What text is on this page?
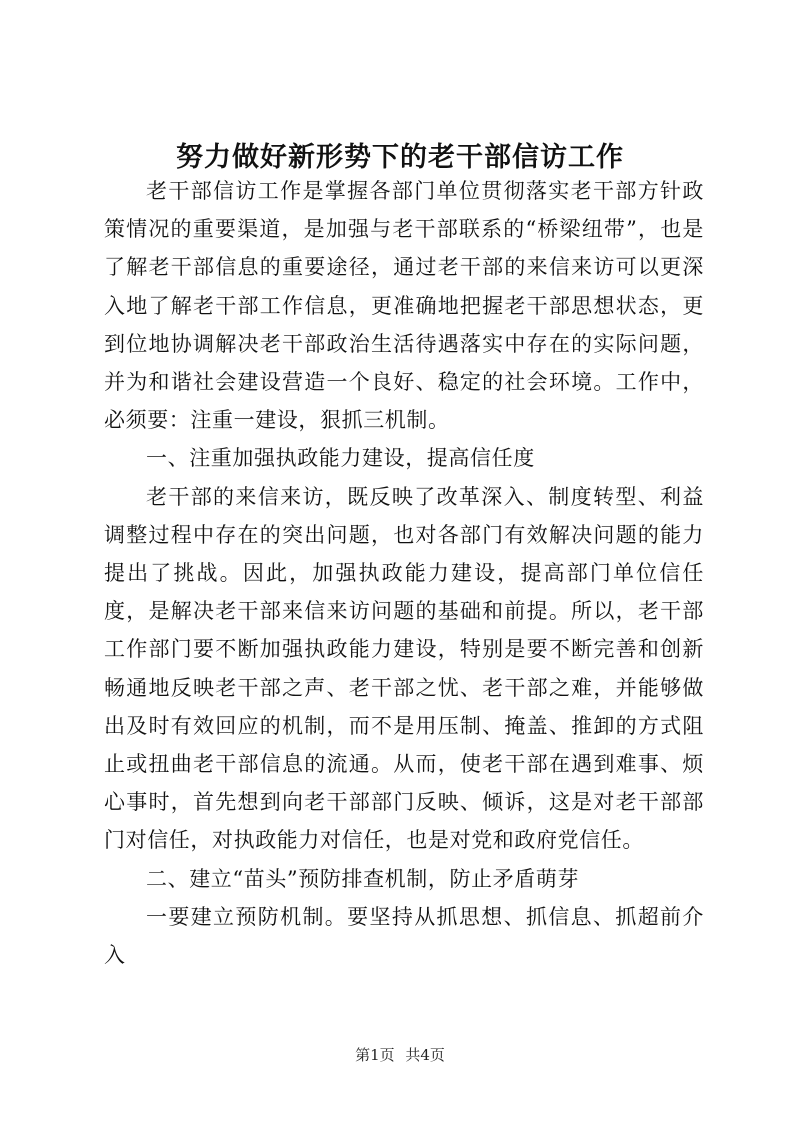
努力做好新形势下的老干部信访工作

老干部信访工作是掌握各部门单位贯彻落实老干部方针政策情况的重要渠道，是加强与老干部联系的“桥梁纽带”，也是了解老干部信息的重要途径，通过老干部的来信来访可以更深入地了解老干部工作信息，更准确地把握老干部思想状态，更到位地协调解决老干部政治生活待遇落实中存在的实际问题，并为和谐社会建设营造一个良好、稳定的社会环境。工作中，必须要：注重一建设，狠抓三机制。

一、注重加强执政能力建设，提高信任度

老干部的来信来访，既反映了改革深入、制度转型、利益调整过程中存在的突出问题，也对各部门有效解决问题的能力提出了挑战。因此，加强执政能力建设，提高部门单位信任度，是解决老干部来信来访问题的基础和前提。所以，老干部工作部门要不断加强执政能力建设，特别是要不断完善和创新畅通地反映老干部之声、老干部之忧、老干部之难，并能够做出及时有效回应的机制，而不是用压制、掩盖、推卸的方式阻止或扭曲老干部信息的流通。从而，使老干部在遇到难事、烦心事时，首先想到向老干部部门反映、倾诉，这是对老干部部门对信任，对执政能力对信任，也是对党和政府党信任。

二、建立“苗头”预防排查机制，防止矛盾萌芽

一要建立预防机制。要坚持从抓思想、抓信息、抓超前介入

第1页 共4页
